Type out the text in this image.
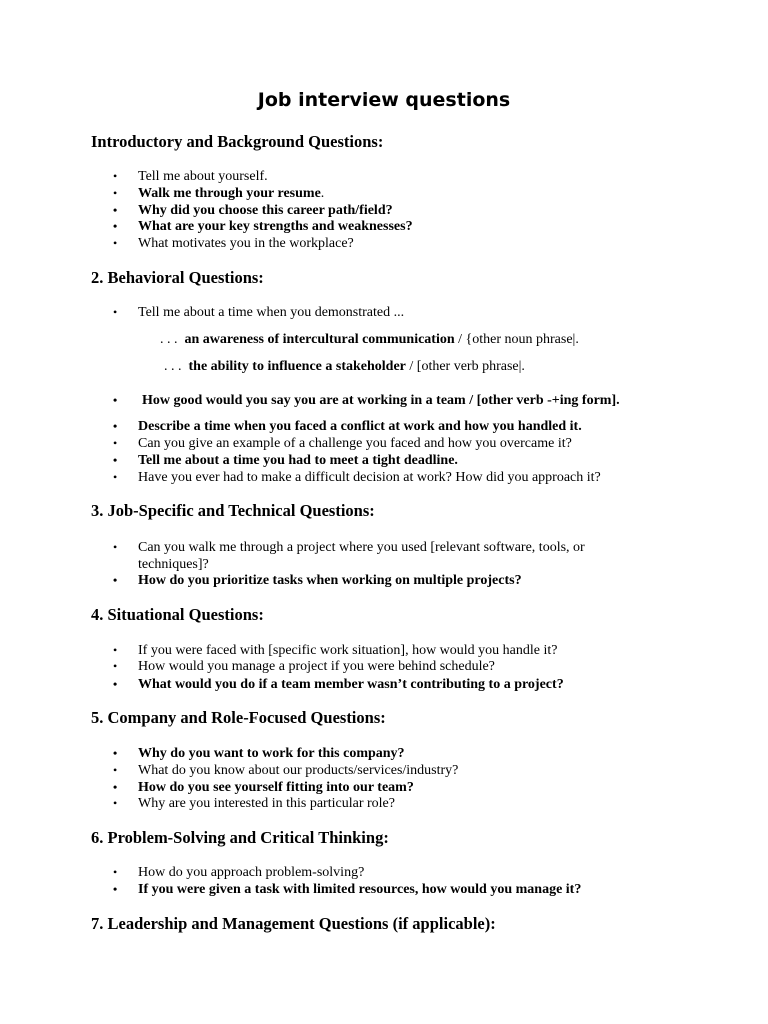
Job interview questions
Introductory and Background Questions:
• Tell me about yourself.
• Walk me through your resume.
• Why did you choose this career path/field?
• What are your key strengths and weaknesses?
• What motivates you in the workplace?
2. Behavioral Questions:
• Tell me about a time when you demonstrated ...
. . . an awareness of intercultural communication / {other noun phrase|.
. . . the ability to influence a stakeholder / [other verb phrase|.
• How good would you say you are at working in a team / [other verb -+ing form].
• Describe a time when you faced a conflict at work and how you handled it.
• Can you give an example of a challenge you faced and how you overcame it?
• Tell me about a time you had to meet a tight deadline.
• Have you ever had to make a difficult decision at work? How did you approach it?
3. Job-Specific and Technical Questions:
• Can you walk me through a project where you used [relevant software, tools, or techniques]?
• How do you prioritize tasks when working on multiple projects?
4. Situational Questions:
• If you were faced with [specific work situation], how would you handle it?
• How would you manage a project if you were behind schedule?
• What would you do if a team member wasn’t contributing to a project?
5. Company and Role-Focused Questions:
• Why do you want to work for this company?
• What do you know about our products/services/industry?
• How do you see yourself fitting into our team?
• Why are you interested in this particular role?
6. Problem-Solving and Critical Thinking:
• How do you approach problem-solving?
• If you were given a task with limited resources, how would you manage it?
7. Leadership and Management Questions (if applicable):
